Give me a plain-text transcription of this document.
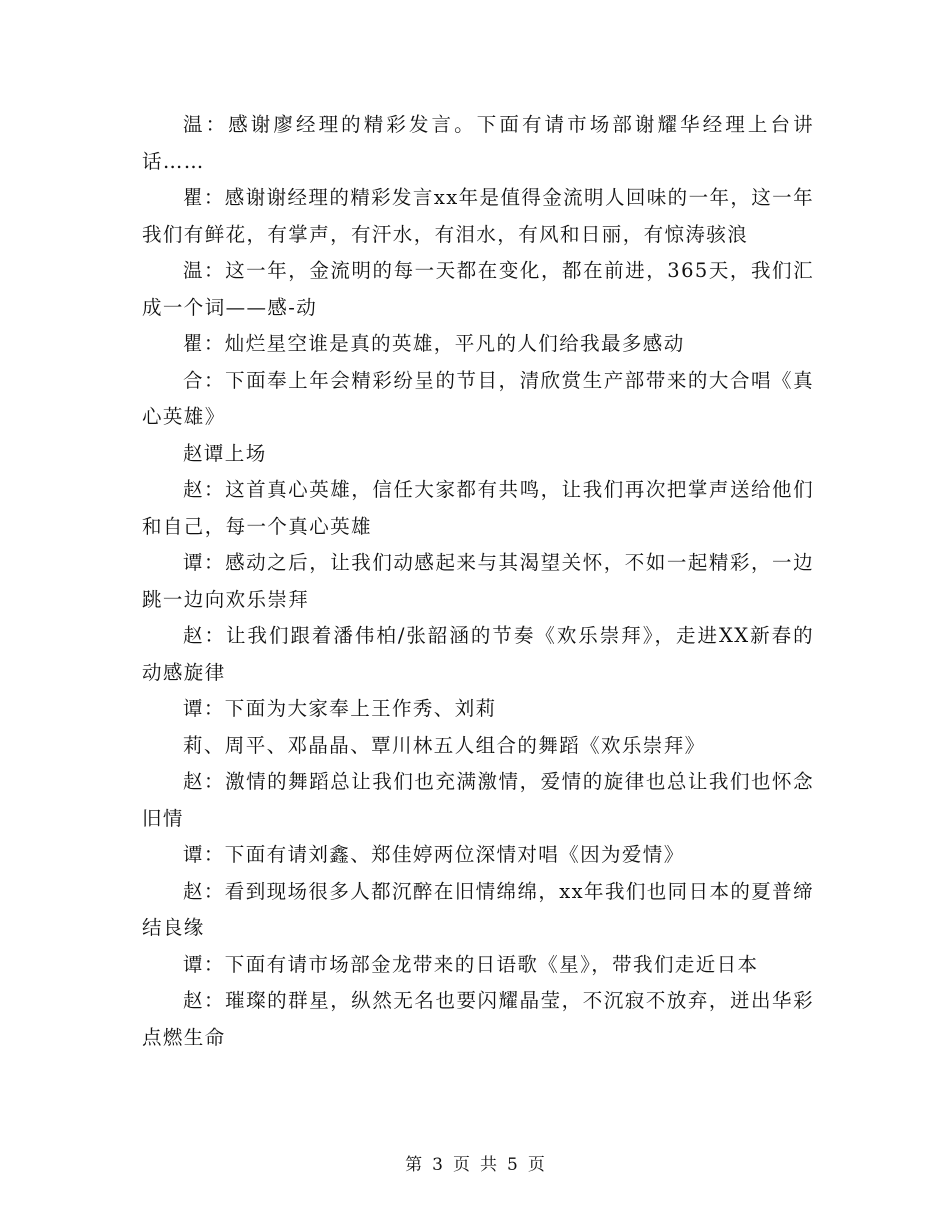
温：感谢廖经理的精彩发言。下面有请市场部谢耀华经理上台讲话……

瞿：感谢谢经理的精彩发言xx年是值得金流明人回味的一年，这一年我们有鲜花，有掌声，有汗水，有泪水，有风和日丽，有惊涛骇浪

温：这一年，金流明的每一天都在变化，都在前进，365天，我们汇成一个词——感-动

瞿：灿烂星空谁是真的英雄，平凡的人们给我最多感动

合：下面奉上年会精彩纷呈的节目，清欣赏生产部带来的大合唱《真心英雄》

赵谭上场

赵：这首真心英雄，信任大家都有共鸣，让我们再次把掌声送给他们和自己，每一个真心英雄

谭：感动之后，让我们动感起来与其渴望关怀，不如一起精彩，一边跳一边向欢乐崇拜

赵：让我们跟着潘伟柏/张韶涵的节奏《欢乐崇拜》，走进XX新春的动感旋律

谭：下面为大家奉上王作秀、刘莉

莉、周平、邓晶晶、覃川林五人组合的舞蹈《欢乐崇拜》

赵：激情的舞蹈总让我们也充满激情，爱情的旋律也总让我们也怀念旧情

谭：下面有请刘鑫、郑佳婷两位深情对唱《因为爱情》

赵：看到现场很多人都沉醉在旧情绵绵，xx年我们也同日本的夏普缔结良缘

谭：下面有请市场部金龙带来的日语歌《星》，带我们走近日本

赵：璀璨的群星，纵然无名也要闪耀晶莹，不沉寂不放弃，迸出华彩点燃生命

第 3 页 共 5 页
